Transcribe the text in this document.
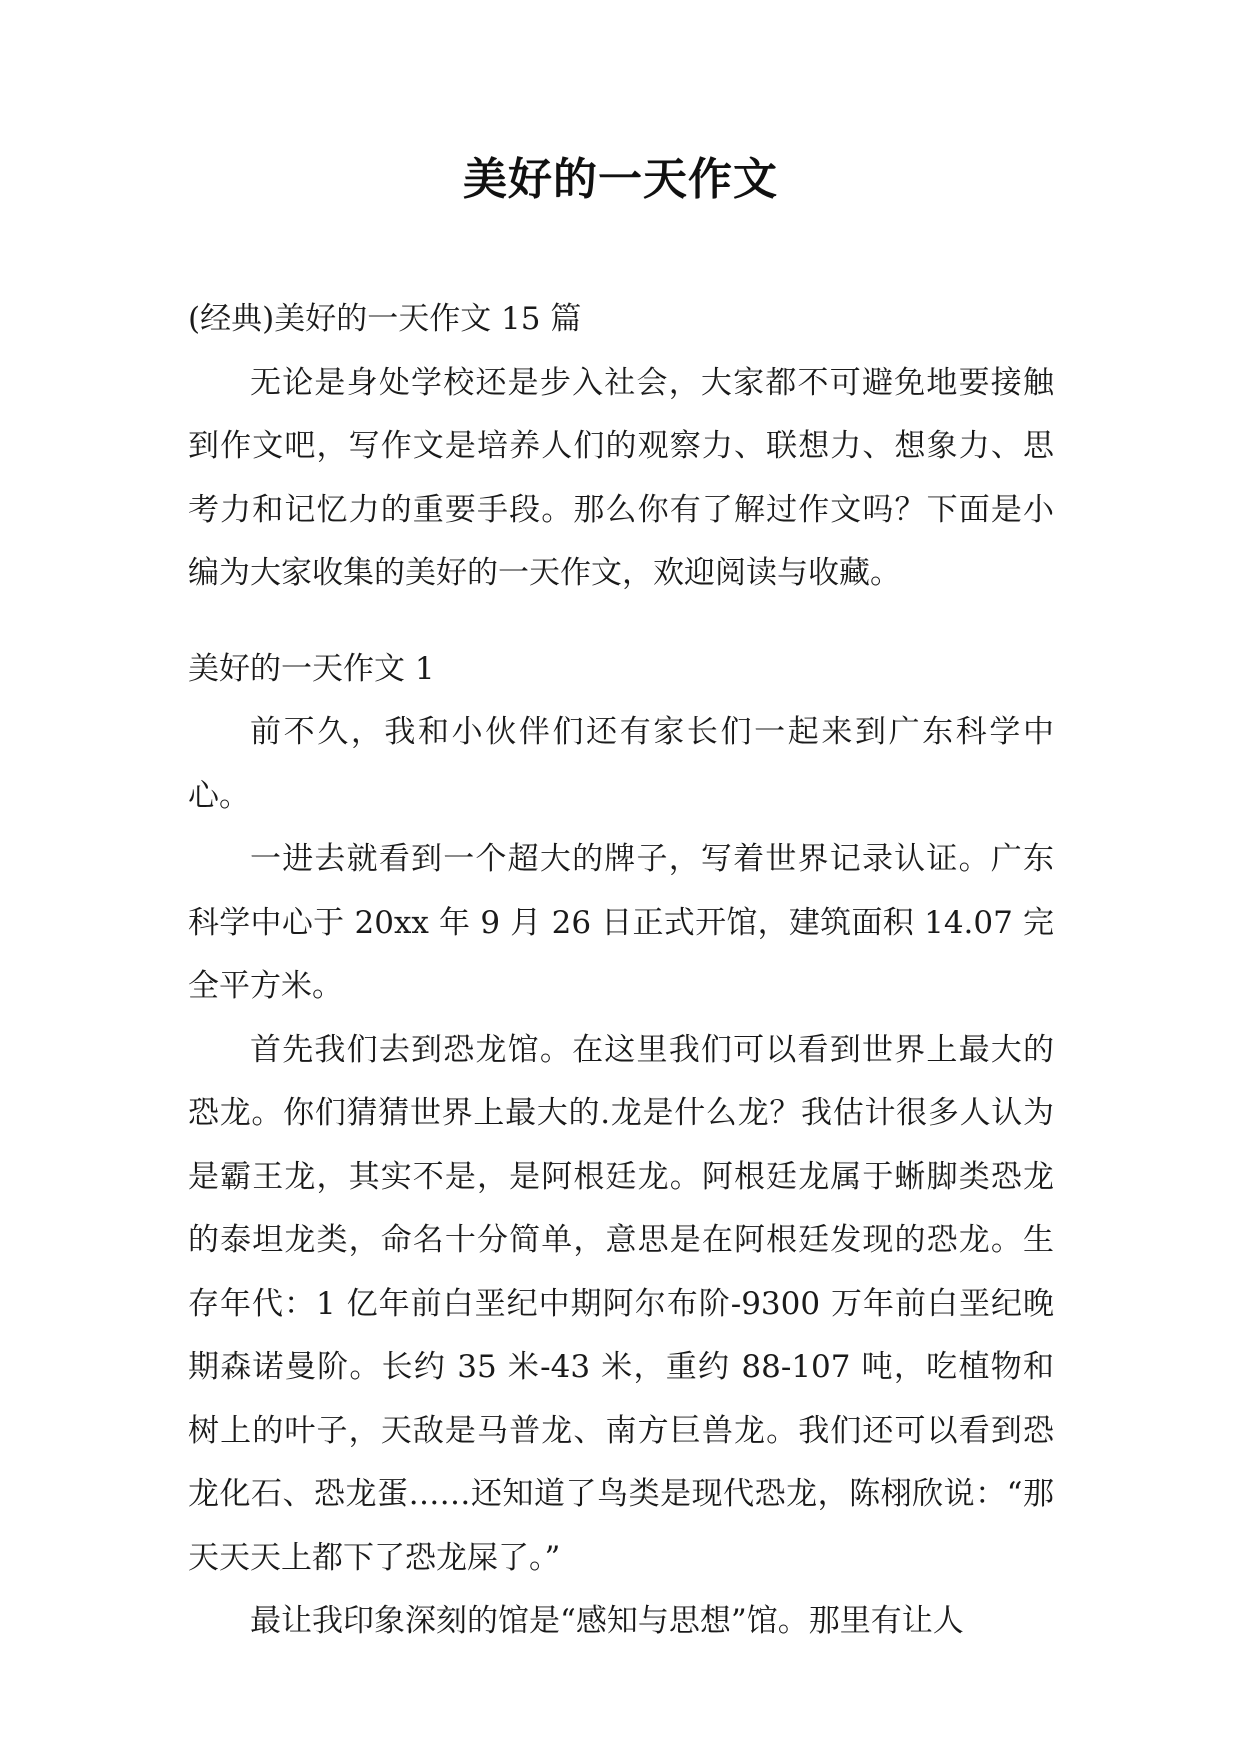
美好的一天作文

(经典)美好的一天作文 15 篇

无论是身处学校还是步入社会，大家都不可避免地要接触到作文吧，写作文是培养人们的观察力、联想力、想象力、思考力和记忆力的重要手段。那么你有了解过作文吗？下面是小编为大家收集的美好的一天作文，欢迎阅读与收藏。

美好的一天作文 1

前不久，我和小伙伴们还有家长们一起来到广东科学中心。

一进去就看到一个超大的牌子，写着世界记录认证。广东科学中心于 20xx 年 9 月 26 日正式开馆，建筑面积 14.07 完全平方米。

首先我们去到恐龙馆。在这里我们可以看到世界上最大的恐龙。你们猜猜世界上最大的.龙是什么龙？我估计很多人认为是霸王龙，其实不是，是阿根廷龙。阿根廷龙属于蜥脚类恐龙的泰坦龙类，命名十分简单，意思是在阿根廷发现的恐龙。生存年代：1 亿年前白垩纪中期阿尔布阶-9300 万年前白垩纪晚期森诺曼阶。长约 35 米-43 米，重约 88-107 吨，吃植物和树上的叶子，天敌是马普龙、南方巨兽龙。我们还可以看到恐龙化石、恐龙蛋……还知道了鸟类是现代恐龙，陈栩欣说：“那天天天上都下了恐龙屎了。”

最让我印象深刻的馆是“感知与思想”馆。那里有让人
